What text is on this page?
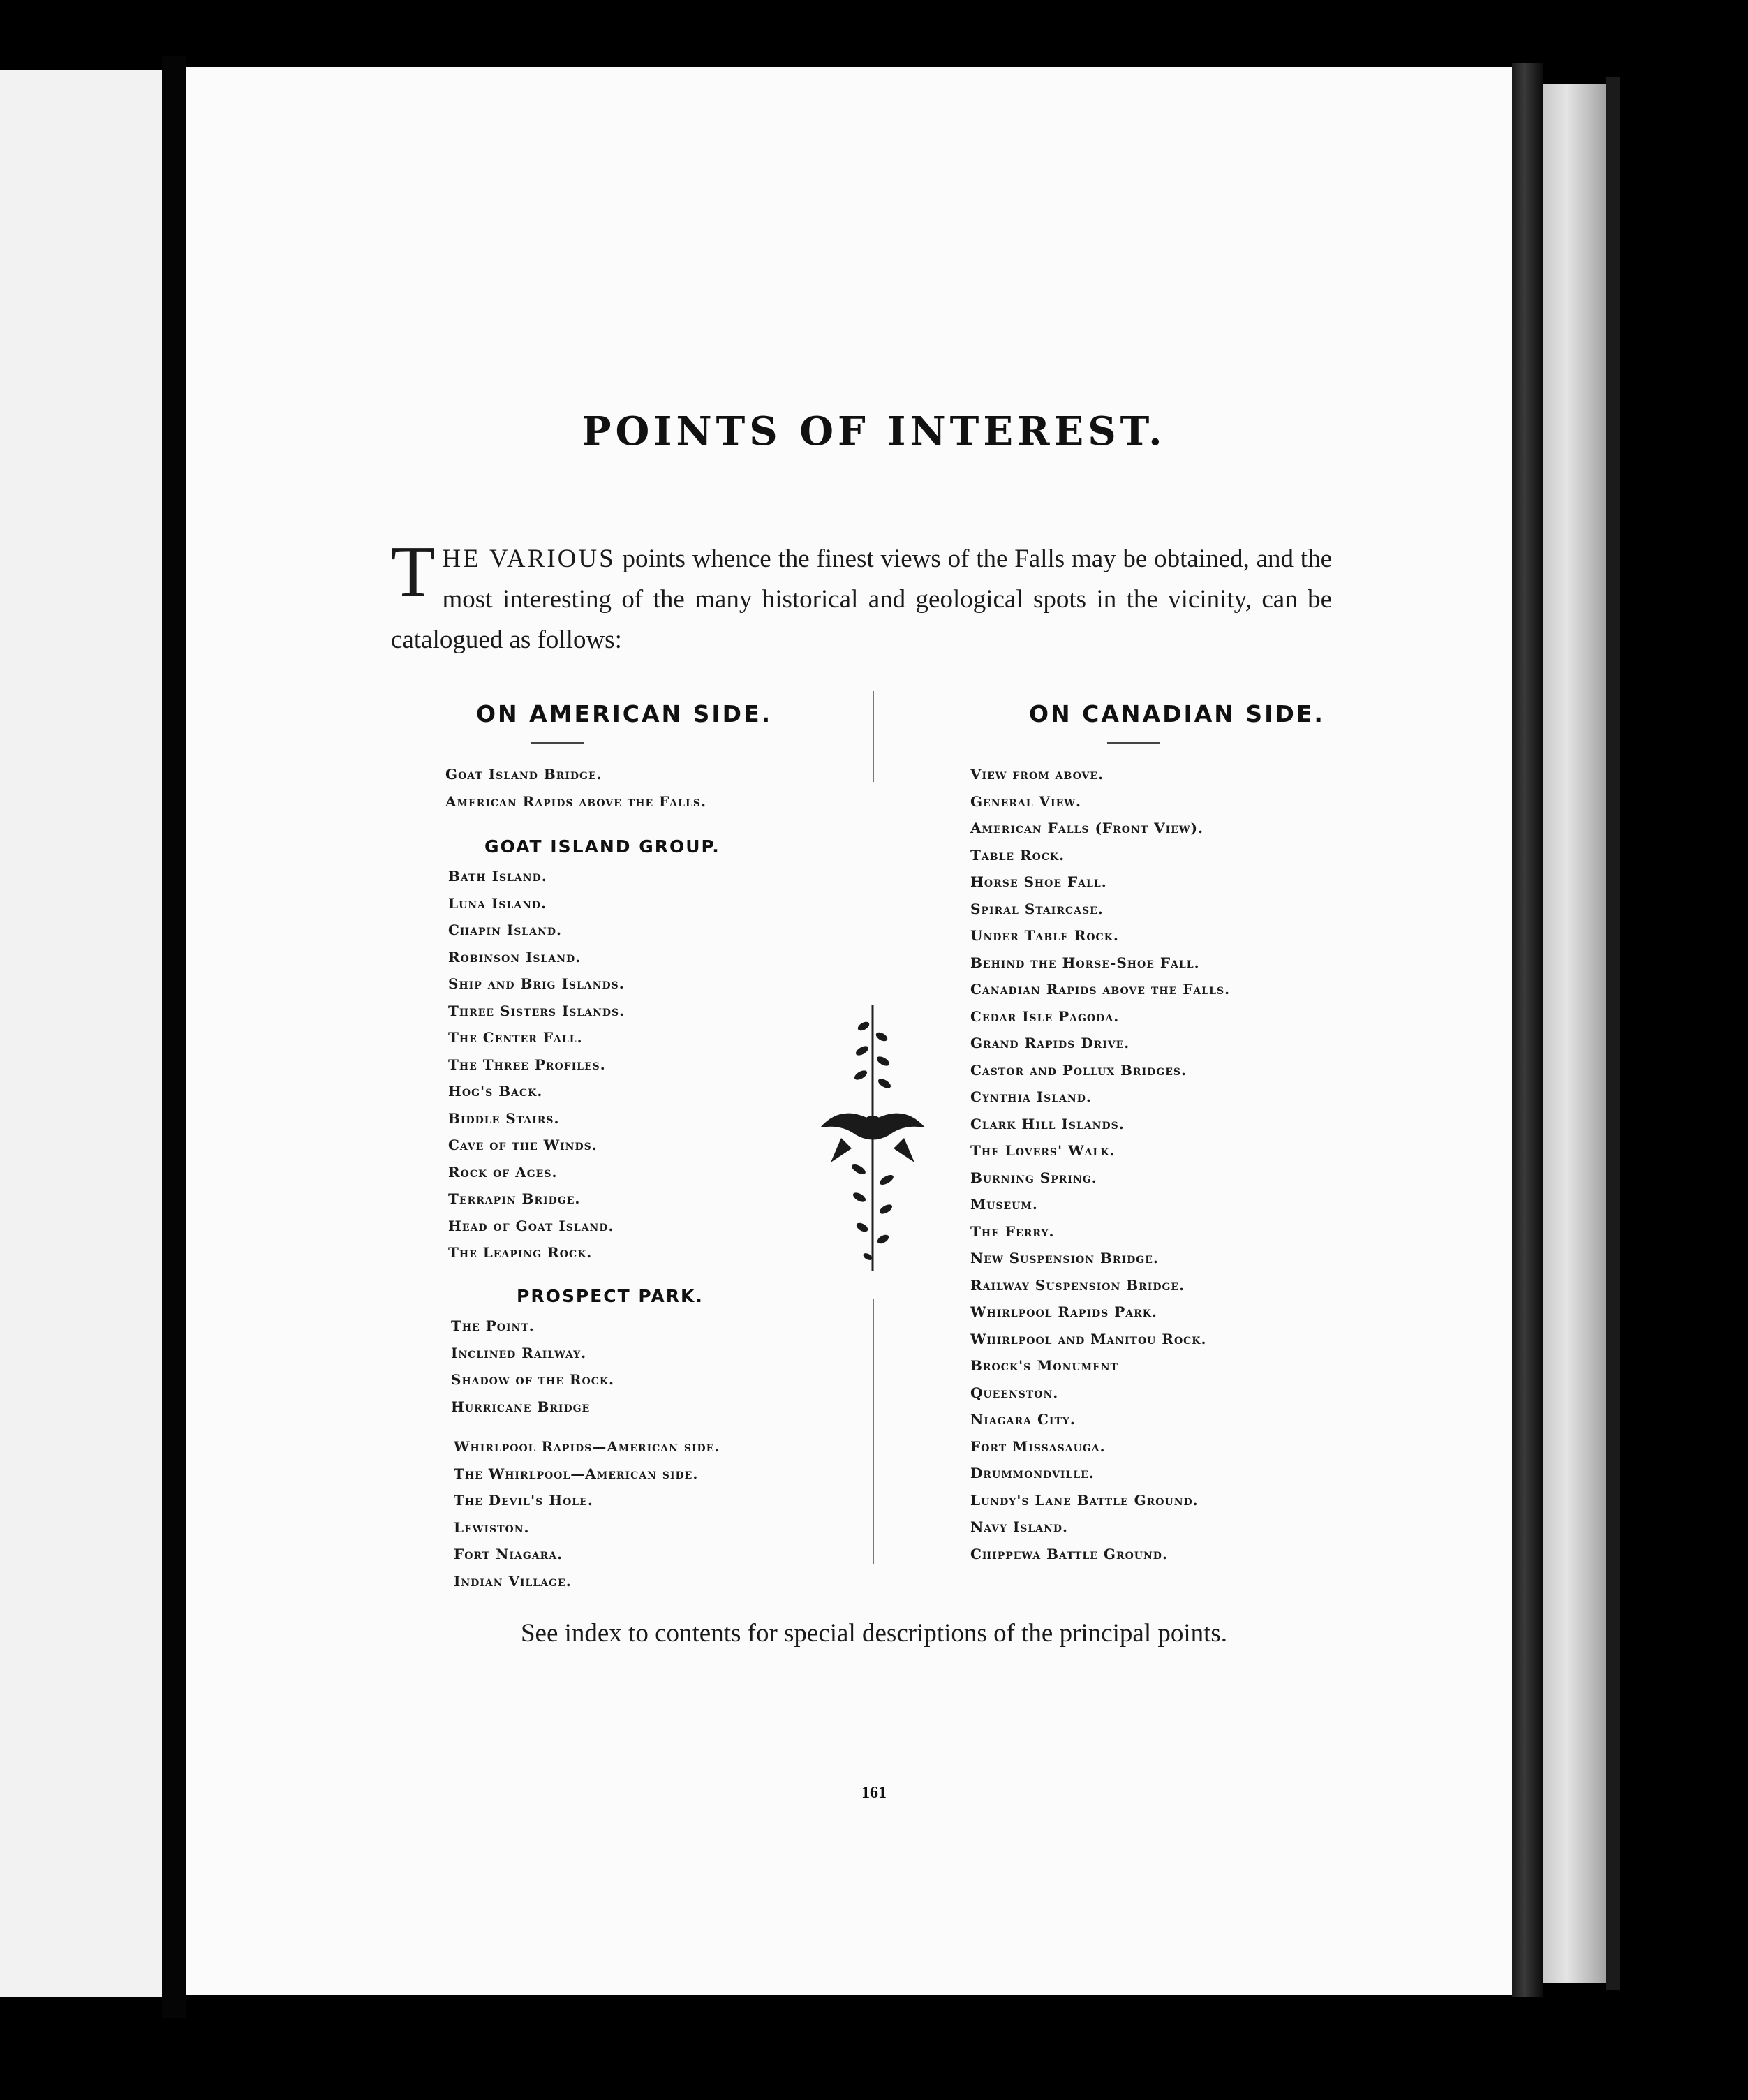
POINTS OF INTEREST.
THE VARIOUS points whence the finest views of the Falls may be obtained, and the most interesting of the many historical and geological spots in the vicinity, can be catalogued as follows:
ON AMERICAN SIDE.
Goat Island Bridge.
American Rapids above the Falls.
GOAT ISLAND GROUP.
Bath Island.
Luna Island.
Chapin Island.
Robinson Island.
Ship and Brig Islands.
Three Sisters Islands.
The Center Fall.
The Three Profiles.
Hog's Back.
Biddle Stairs.
Cave of the Winds.
Rock of Ages.
Terrapin Bridge.
Head of Goat Island.
The Leaping Rock.
PROSPECT PARK.
The Point.
Inclined Railway.
Shadow of the Rock.
Hurricane Bridge
Whirlpool Rapids—American side.
The Whirlpool—American side.
The Devil's Hole.
Lewiston.
Fort Niagara.
Indian Village.
ON CANADIAN SIDE.
View from above.
General View.
American Falls (Front View).
Table Rock.
Horse Shoe Fall.
Spiral Staircase.
Under Table Rock.
Behind the Horse-Shoe Fall.
Canadian Rapids above the Falls.
Cedar Isle Pagoda.
Grand Rapids Drive.
Castor and Pollux Bridges.
Cynthia Island.
Clark Hill Islands.
The Lovers' Walk.
Burning Spring.
Museum.
The Ferry.
New Suspension Bridge.
Railway Suspension Bridge.
Whirlpool Rapids Park.
Whirlpool and Manitou Rock.
Brock's Monument
Queenston.
Niagara City.
Fort Missasauga.
Drummondville.
Lundy's Lane Battle Ground.
Navy Island.
Chippewa Battle Ground.
See index to contents for special descriptions of the principal points.
161
